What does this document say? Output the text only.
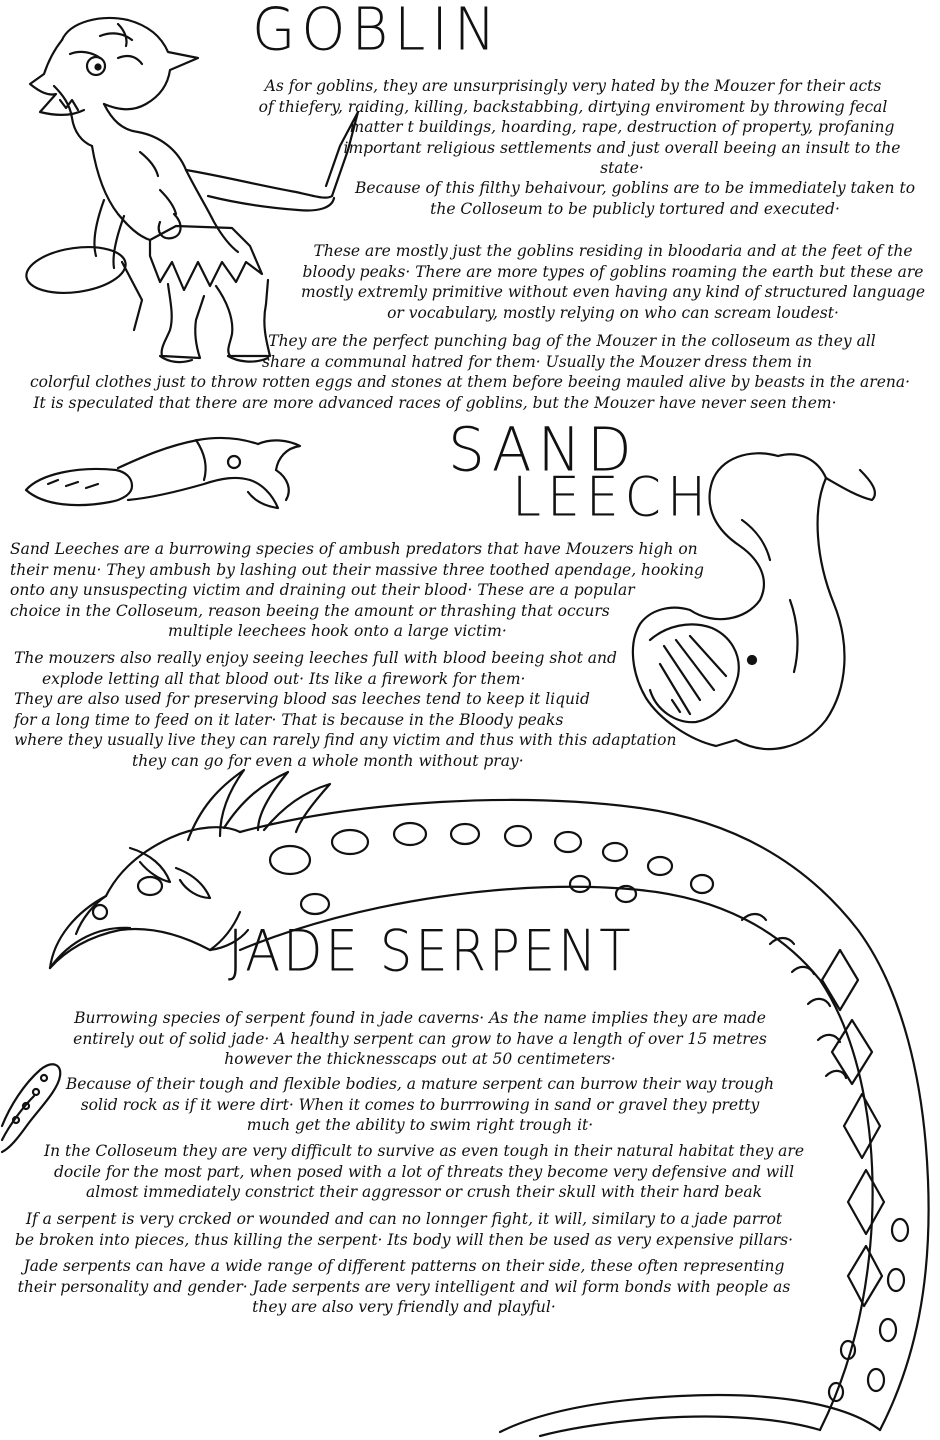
GOBLIN

As for goblins, they are unsurprisingly very hated by the Mouzer for their acts
of thiefery, raiding, killing, backstabbing, dirtying enviroment by throwing fecal
matter t buildings, hoarding, rape, destruction of property, profaning
important religious settlements and just overall beeing an insult to the
state·

Because of this filthy behaivour, goblins are to be immediately taken to
the Colloseum to be publicly tortured and executed·

These are mostly just the goblins residing in bloodaria and at the feet of the
bloody peaks· There are more types of goblins roaming the earth but these are
mostly extremly primitive without even having any kind of structured language
or vocabulary, mostly relying on who can scream loudest·

They are the perfect punching bag of the Mouzer in the colloseum as they all
share a communal hatred for them· Usually the Mouzer dress them in
colorful clothes just to throw rotten eggs and stones at them before beeing mauled alive by beasts in the arena·
It is speculated that there are more advanced races of goblins, but the Mouzer have never seen them·

SAND
LEECH

Sand Leeches are a burrowing species of ambush predators that have Mouzers high on
their menu· They ambush by lashing out their massive three toothed apendage, hooking
onto any unsuspecting victim and draining out their blood· These are a popular
choice in the Colloseum, reason beeing the amount or thrashing that occurs
multiple leechees hook onto a large victim·

The mouzers also really enjoy seeing leeches full with blood beeing shot and
explode letting all that blood out· Its like a firework for them·
They are also used for preserving blood sas leeches tend to keep it liquid
for a long time to feed on it later· That is because in the Bloody peaks
where they usually live they can rarely find any victim and thus with this adaptation
they can go for even a whole month without pray·

JADE SERPENT

Burrowing species of serpent found in jade caverns· As the name implies they are made
entirely out of solid jade· A healthy serpent can grow to have a length of over 15 metres
however the thicknesscaps out at 50 centimeters·

Because of their tough and flexible bodies, a mature serpent can burrow their way trough
solid rock as if it were dirt· When it comes to burrrowing in sand or gravel they pretty
much get the ability to swim right trough it·

In the Colloseum they are very difficult to survive as even tough in their natural habitat they are
docile for the most part, when posed with a lot of threats they become very defensive and will
almost immediately constrict their aggressor or crush their skull with their hard beak

If a serpent is very crcked or wounded and can no lonnger fight, it will, similary to a jade parrot
be broken into pieces, thus killing the serpent· Its body will then be used as very expensive pillars·

Jade serpents can have a wide range of different patterns on their side, these often representing
their personality and gender· Jade serpents are very intelligent and wil form bonds with people as
they are also very friendly and playful·
